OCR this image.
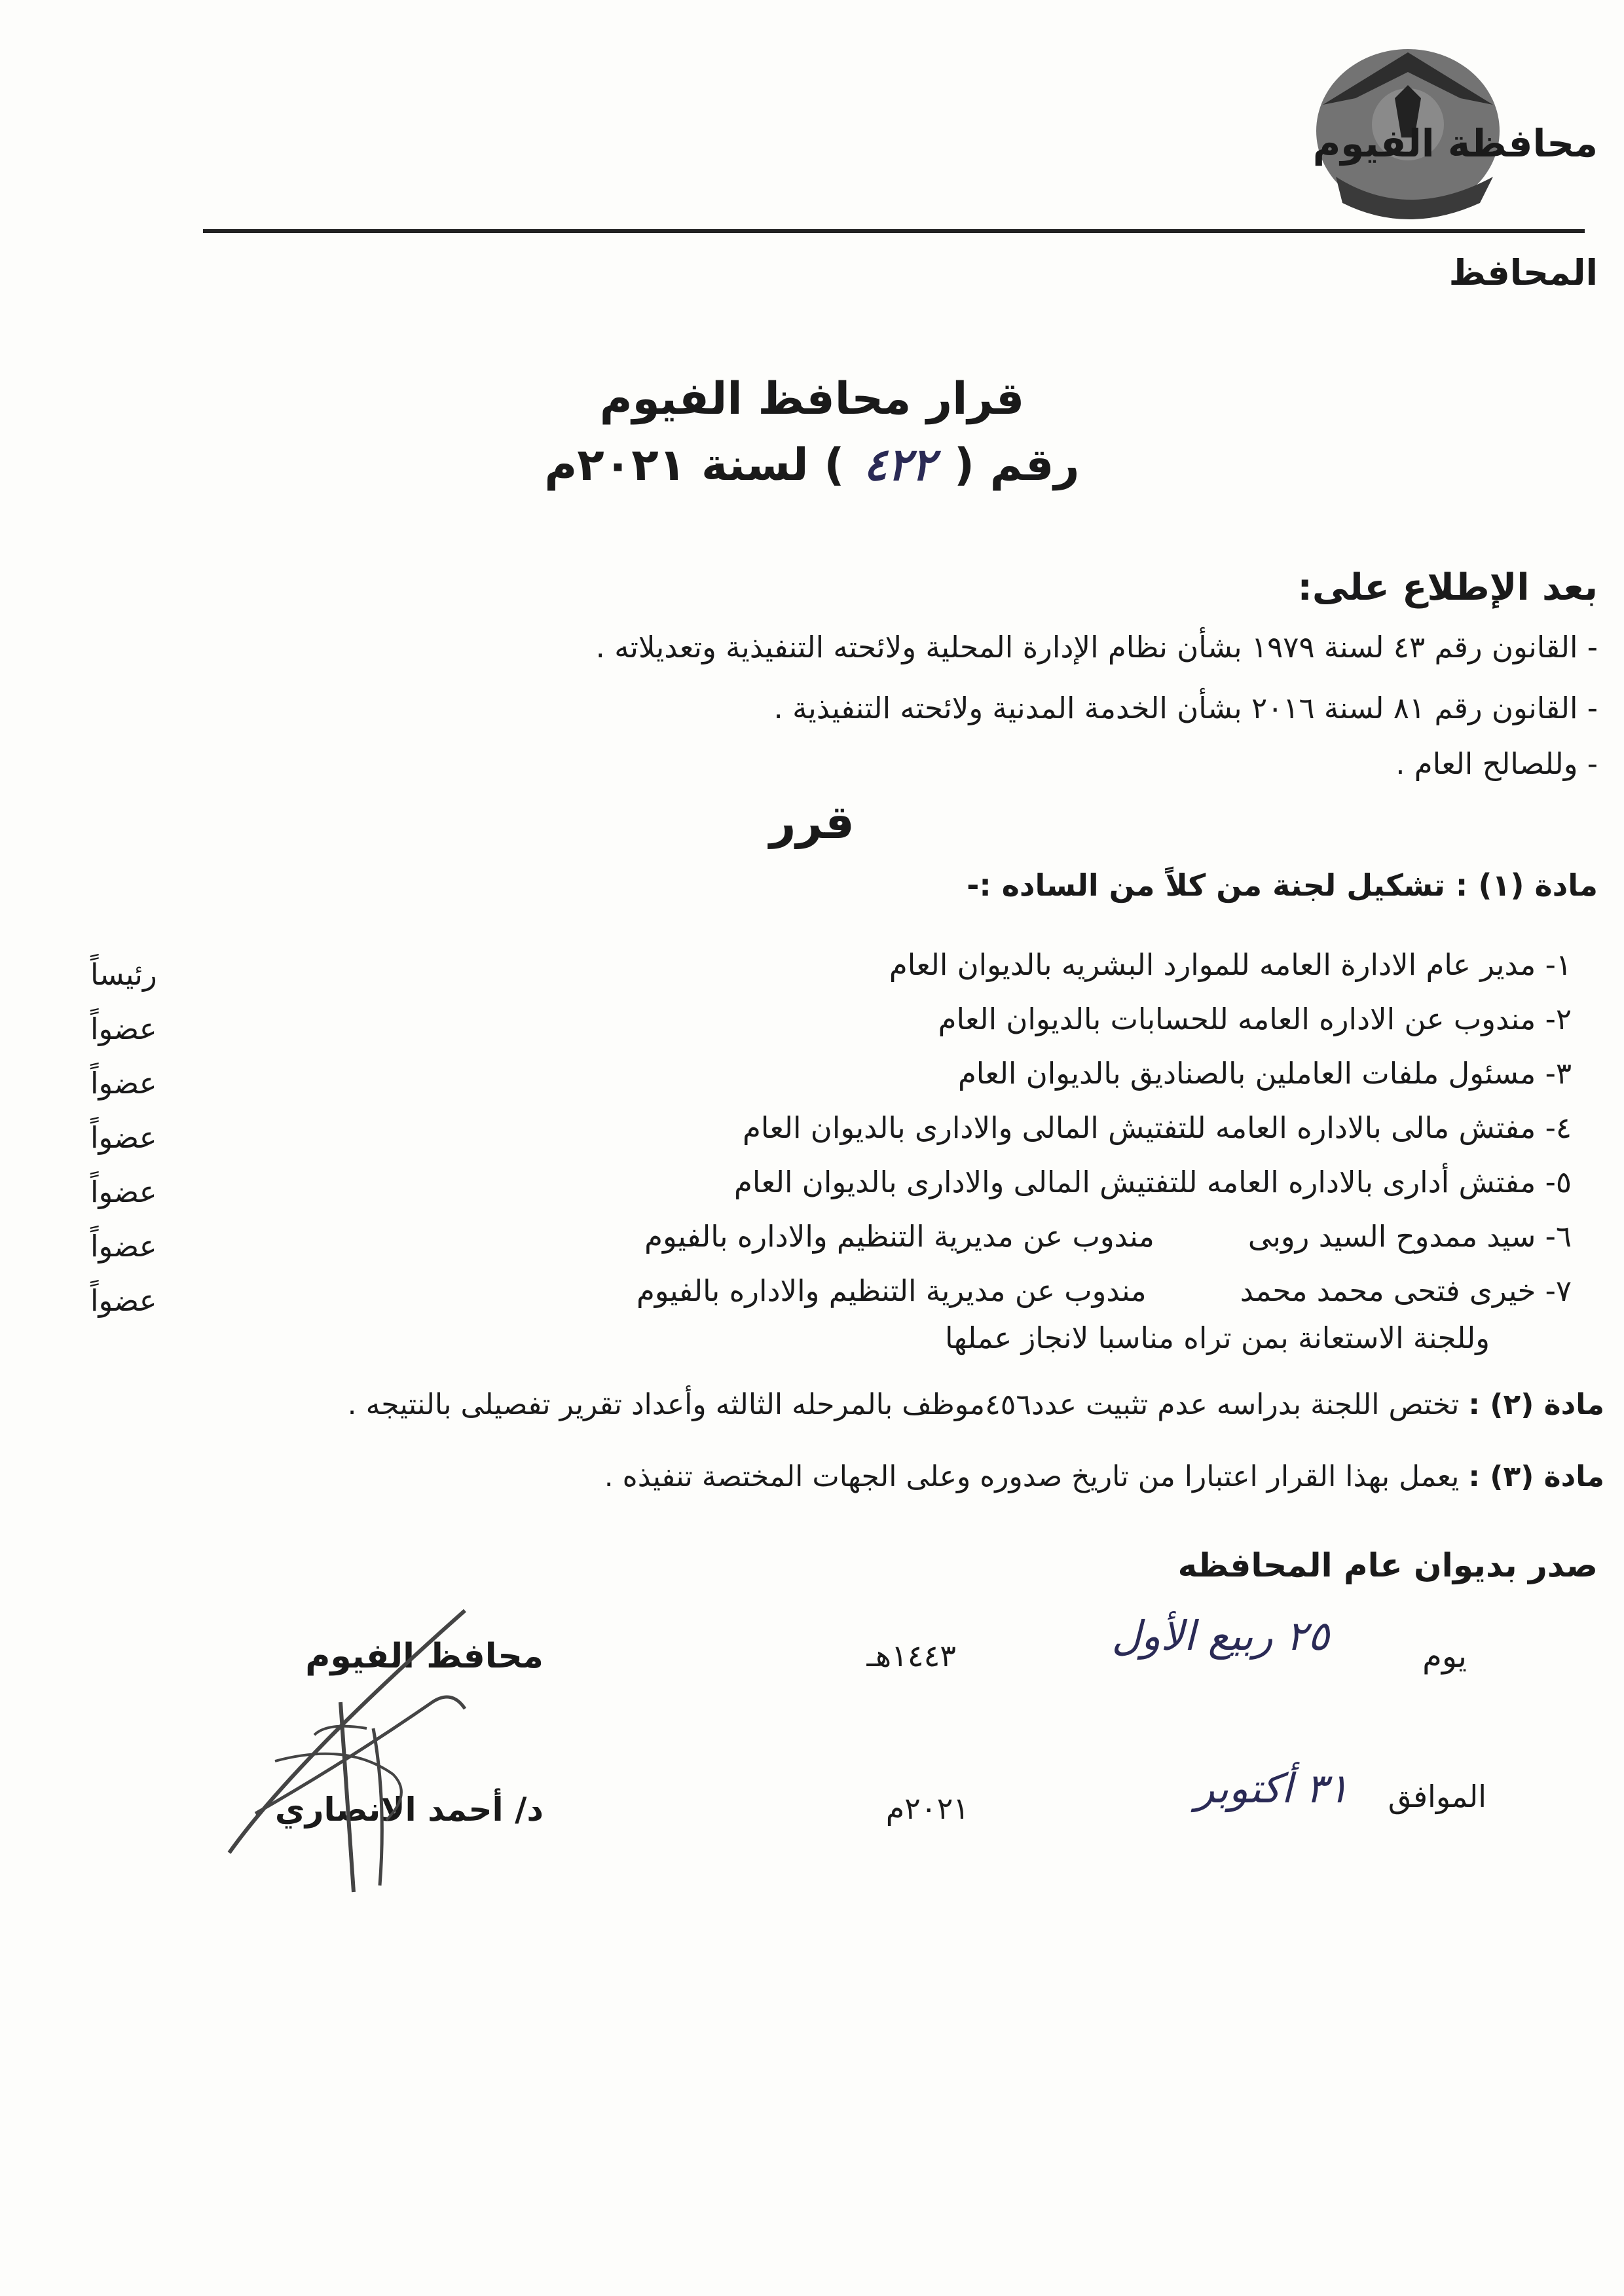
محافظة الفيوم
المحافظ
قرار محافظ الفيوم
رقم ( ٤٢٢ ) لسنة ٢٠٢١م
بعد الإطلاع على:
- القانون رقم ٤٣ لسنة ١٩٧٩ بشأن نظام الإدارة المحلية ولائحته التنفيذية وتعديلاته .
- القانون رقم ٨١ لسنة ٢٠١٦ بشأن الخدمة المدنية ولائحته التنفيذية .
- وللصالح العام .
قرر
مادة (١) : تشكيل لجنة من كلاً من الساده :-
١- مدير عام الادارة العامه للموارد البشريه بالديوان العام
رئيساً
٢- مندوب عن الاداره العامه للحسابات بالديوان العام
عضواً
٣- مسئول ملفات العاملين بالصناديق بالديوان العام
عضواً
٤- مفتش مالى بالاداره العامه للتفتيش المالى والادارى بالديوان العام
عضواً
٥- مفتش أدارى بالاداره العامه للتفتيش المالى والادارى بالديوان العام
عضواً
٦- سيد ممدوح السيد روبى          مندوب عن مديرية التنظيم والاداره بالفيوم
عضواً
٧- خيرى فتحى محمد محمد          مندوب عن مديرية التنظيم والاداره بالفيوم
عضواً
وللجنة الاستعانة بمن تراه مناسبا لانجاز عملها
مادة (٢) : تختص اللجنة بدراسه عدم تثبيت عدد٤٥٦موظف بالمرحله الثالثه وأعداد تقرير تفصيلى بالنتيجه .
مادة (٣) : يعمل بهذا القرار اعتبارا من تاريخ صدوره وعلى الجهات المختصة تنفيذه .
صدر بديوان عام المحافظه
يوم
٢٥ ربيع الأول
١٤٤٣هـ
الموافق
٣١ أكتوبر
٢٠٢١م
محافظ الفيوم
د/ أحمد الانصاري
